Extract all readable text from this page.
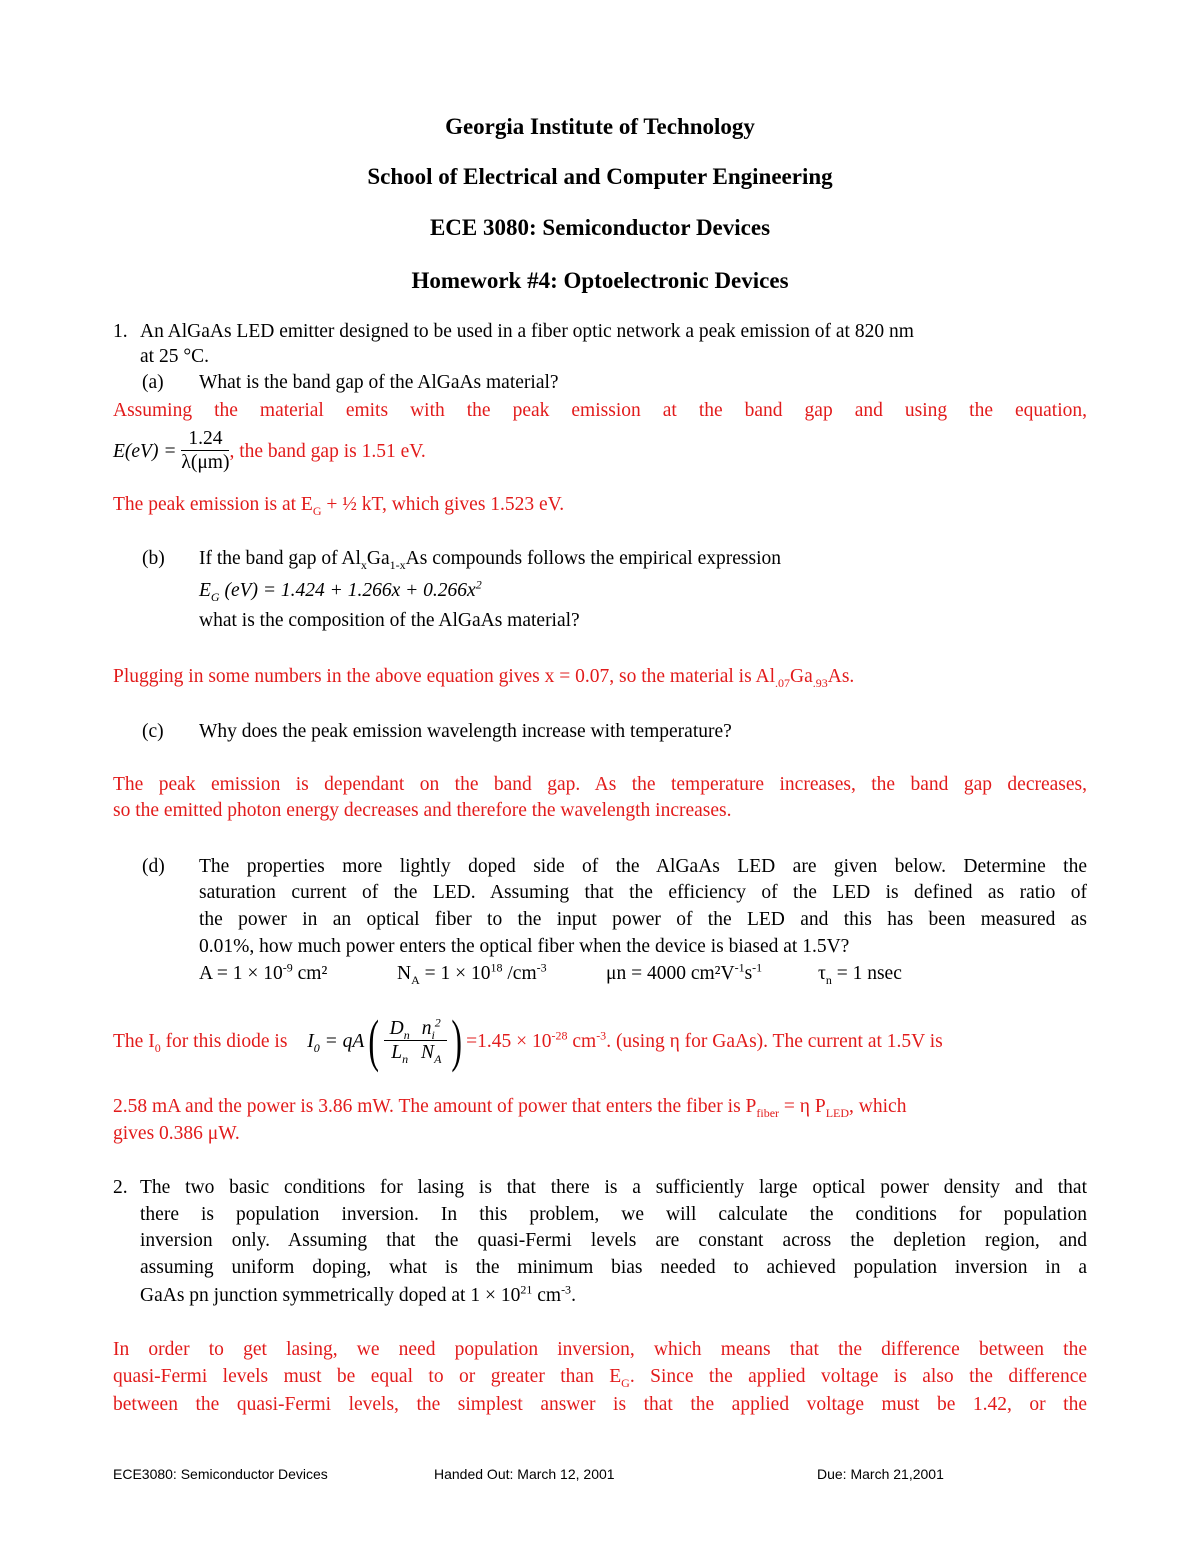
Georgia Institute of Technology
School of Electrical and Computer Engineering
ECE 3080: Semiconductor Devices
Homework #4: Optoelectronic Devices
1. An AlGaAs LED emitter designed to be used in a fiber optic network a peak emission of at 820 nm
at 25 °C.
(a) What is the band gap of the AlGaAs material?
Assuming the material emits with the peak emission at the band gap and using the equation,
$E(eV) = \frac{1.24}{\lambda(\mu m)}$ , the band gap is 1.51 eV.
The peak emission is at $E_G$ + ½ kT, which gives 1.523 eV.
(b) If the band gap of $Al_xGa_{1-x}As$ compounds follows the empirical expression
$E_G$ $(eV) = 1.424 + 1.266x + 0.266x^2$
what is the composition of the AlGaAs material?
Plugging in some numbers in the above equation gives x = 0.07, so the material is $Al_{.07}Ga_{.93}As$.
(c) Why does the peak emission wavelength increase with temperature?
The peak emission is dependant on the band gap. As the temperature increases, the band gap decreases,
so the emitted photon energy decreases and therefore the wavelength increases.
(d) The properties more lightly doped side of the AlGaAs LED are given below. Determine the
saturation current of the LED. Assuming that the efficiency of the LED is defined as ratio of
the power in an optical fiber to the input power of the LED and this has been measured as
0.01%, how much power enters the optical fiber when the device is biased at 1.5V?
$A = 1 \times 10^{-9}$ cm²	$N_A = 1 \times 10^{18}$ $/cm^{-3}$	μn = 4000 $cm^2V^{-1}s^{-1}$	$\tau_n = 1$ nsec
The $I_0$ for this diode is $I_0 = qA( \frac{D_n}{L_n} \frac{n_i^2}{N_A}$ ) $=1.45 \times 10^{-28}$ $cm^{-3}$. (using η for GaAs). The current at 1.5V is
2.58 mA and the power is 3.86 mW. The amount of power that enters the fiber is $P_{fiber} = \eta$ $P_{LED}$, which
gives 0.386 μW.
2. The two basic conditions for lasing is that there is a sufficiently large optical power density and that
there is population inversion. In this problem, we will calculate the conditions for population
inversion only. Assuming that the quasi-Fermi levels are constant across the depletion region, and
assuming uniform doping, what is the minimum bias needed to achieved population inversion in a
GaAs pn junction symmetrically doped at $1 \times 10^{21}$ $cm^{-3}$.
In order to get lasing, we need population inversion, which means that the difference between the
quasi-Fermi levels must be equal to or greater than $E_G$. Since the applied voltage is also the difference
between the quasi-Fermi levels, the simplest answer is that the applied voltage must be 1.42, or the
ECE3080: Semiconductor Devices	Handed Out: March 12, 2001	Due: March 21,2001
